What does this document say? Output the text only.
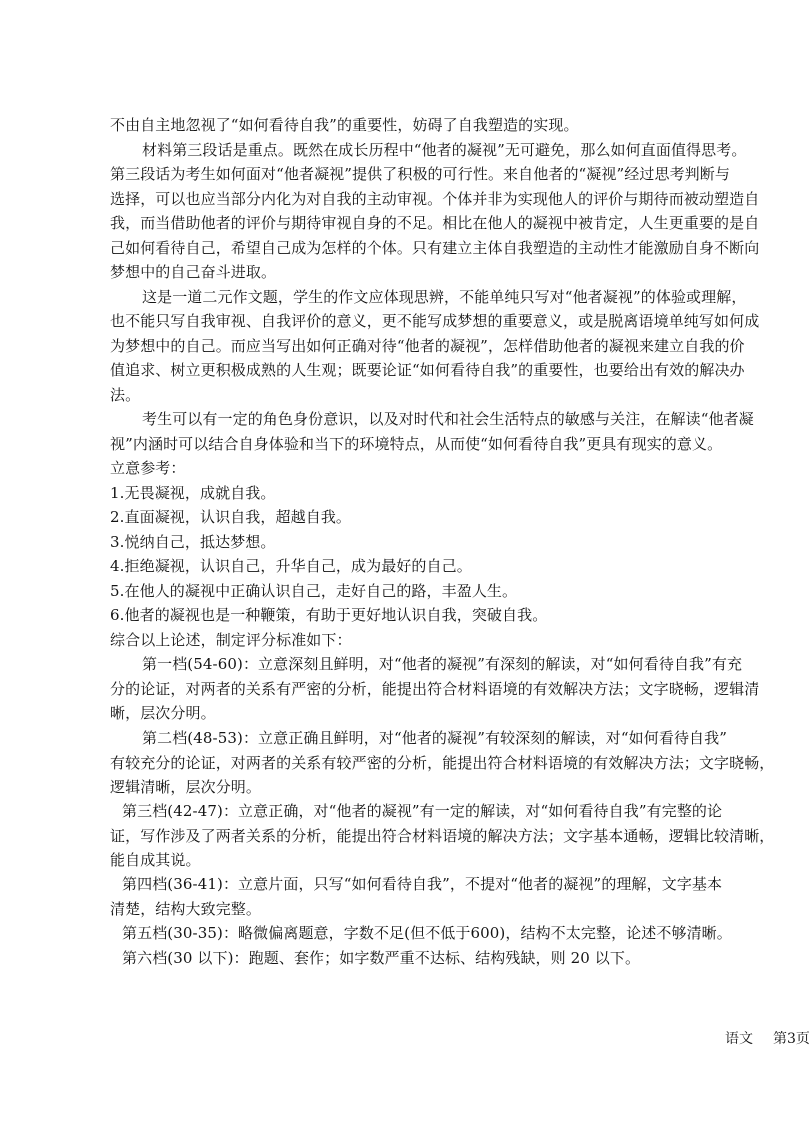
不由自主地忽视了“如何看待自我”的重要性，妨碍了自我塑造的实现。

材料第三段话是重点。既然在成长历程中“他者的凝视”无可避免，那么如何直面值得思考。

第三段话为考生如何面对“他者凝视”提供了积极的可行性。来自他者的“凝视”经过思考判断与

选择，可以也应当部分内化为对自我的主动审视。个体并非为实现他人的评价与期待而被动塑造自

我，而当借助他者的评价与期待审视自身的不足。相比在他人的凝视中被肯定，人生更重要的是自

己如何看待自己，希望自己成为怎样的个体。只有建立主体自我塑造的主动性才能激励自身不断向

梦想中的自己奋斗进取。

这是一道二元作文题，学生的作文应体现思辨，不能单纯只写对“他者凝视”的体验或理解，

也不能只写自我审视、自我评价的意义，更不能写成梦想的重要意义，或是脱离语境单纯写如何成

为梦想中的自己。而应当写出如何正确对待“他者的凝视”，怎样借助他者的凝视来建立自我的价

值追求、树立更积极成熟的人生观；既要论证“如何看待自我”的重要性，也要给出有效的解决办

法。

考生可以有一定的角色身份意识，以及对时代和社会生活特点的敏感与关注，在解读“他者凝

视”内涵时可以结合自身体验和当下的环境特点，从而使“如何看待自我”更具有现实的意义。

立意参考：

1.无畏凝视，成就自我。

2.直面凝视，认识自我，超越自我。

3.悦纳自己，抵达梦想。

4.拒绝凝视，认识自己，升华自己，成为最好的自己。

5.在他人的凝视中正确认识自己，走好自己的路，丰盈人生。

6.他者的凝视也是一种鞭策，有助于更好地认识自我，突破自我。

综合以上论述，制定评分标准如下：

第一档(54-60)：立意深刻且鲜明，对“他者的凝视”有深刻的解读，对“如何看待自我”有充

分的论证，对两者的关系有严密的分析，能提出符合材料语境的有效解决方法；文字晓畅，逻辑清

晰，层次分明。

第二档(48-53)：立意正确且鲜明，对“他者的凝视”有较深刻的解读，对“如何看待自我”

有较充分的论证，对两者的关系有较严密的分析，能提出符合材料语境的有效解决方法；文字晓畅，

逻辑清晰，层次分明。

第三档(42-47)：立意正确，对“他者的凝视”有一定的解读，对“如何看待自我”有完整的论

证，写作涉及了两者关系的分析，能提出符合材料语境的解决方法；文字基本通畅，逻辑比较清晰，

能自成其说。

第四档(36-41)：立意片面，只写“如何看待自我”，不提对“他者的凝视”的理解，文字基本

清楚，结构大致完整。

第五档(30-35)：略微偏离题意，字数不足(但不低于600)，结构不太完整，论述不够清晰。

第六档(30 以下)：跑题、套作；如字数严重不达标、结构残缺，则 20 以下。

语文 第3页
